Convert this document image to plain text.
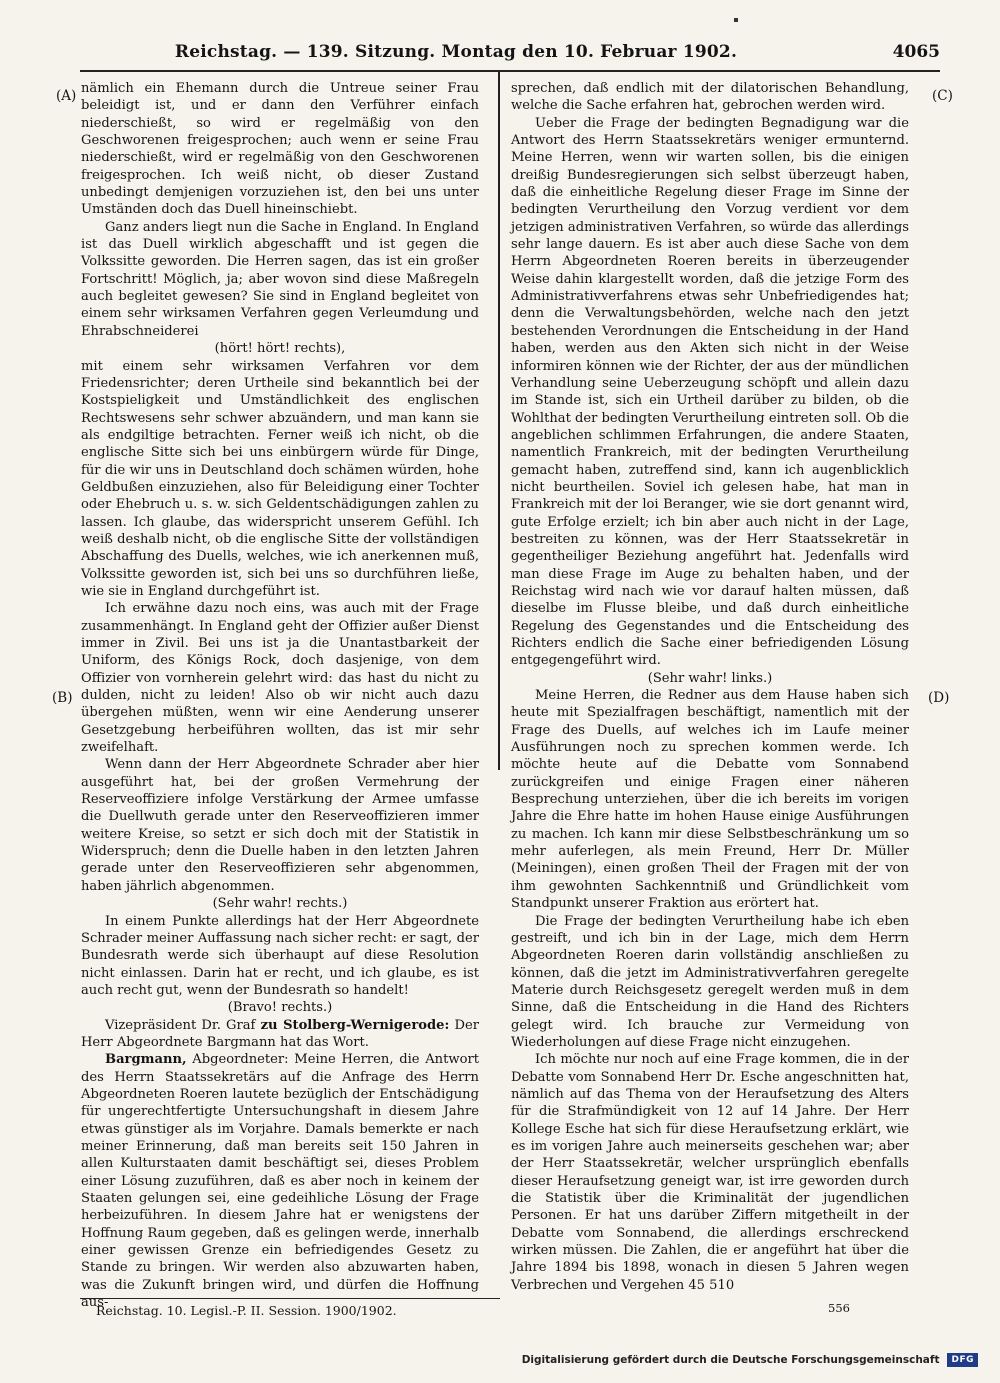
Reichstag. — 139. Sitzung. Montag den 10. Februar 1902.	4065
(A)
(B)
(C)
(D)

nämlich ein Ehemann durch die Untreue seiner Frau beleidigt ist, und er dann den Verführer einfach niederschießt, so wird er regelmäßig von den Geschworenen freigesprochen; auch wenn er seine Frau niederschießt, wird er regelmäßig von den Geschworenen freigesprochen. Ich weiß nicht, ob dieser Zustand unbedingt demjenigen vorzuziehen ist, den bei uns unter Umständen doch das Duell hineinschiebt.

Ganz anders liegt nun die Sache in England. In England ist das Duell wirklich abgeschafft und ist gegen die Volkssitte geworden. Die Herren sagen, das ist ein großer Fortschritt! Möglich, ja; aber wovon sind diese Maßregeln auch begleitet gewesen? Sie sind in England begleitet von einem sehr wirksamen Verfahren gegen Verleumdung und Ehrabschneiderei

(hört! hört! rechts),

mit einem sehr wirksamen Verfahren vor dem Friedensrichter; deren Urtheile sind bekanntlich bei der Kostspieligkeit und Umständlichkeit des englischen Rechtswesens sehr schwer abzuändern, und man kann sie als endgiltige betrachten. Ferner weiß ich nicht, ob die englische Sitte sich bei uns einbürgern würde für Dinge, für die wir uns in Deutschland doch schämen würden, hohe Geldbußen einzuziehen, also für Beleidigung einer Tochter oder Ehebruch u. s. w. sich Geldentschädigungen zahlen zu lassen. Ich glaube, das widerspricht unserem Gefühl. Ich weiß deshalb nicht, ob die englische Sitte der vollständigen Abschaffung des Duells, welches, wie ich anerkennen muß, Volkssitte geworden ist, sich bei uns so durchführen ließe, wie sie in England durchgeführt ist.

Ich erwähne dazu noch eins, was auch mit der Frage zusammenhängt. In England geht der Offizier außer Dienst immer in Zivil. Bei uns ist ja die Unantastbarkeit der Uniform, des Königs Rock, doch dasjenige, von dem Offizier von vornherein gelehrt wird: das hast du nicht zu dulden, nicht zu leiden! Also ob wir nicht auch dazu übergehen müßten, wenn wir eine Aenderung unserer Gesetzgebung herbeiführen wollten, das ist mir sehr zweifelhaft.

Wenn dann der Herr Abgeordnete Schrader aber hier ausgeführt hat, bei der großen Vermehrung der Reserveoffiziere infolge Verstärkung der Armee umfasse die Duellwuth gerade unter den Reserveoffizieren immer weitere Kreise, so setzt er sich doch mit der Statistik in Widerspruch; denn die Duelle haben in den letzten Jahren gerade unter den Reserveoffizieren sehr abgenommen, haben jährlich abgenommen.

(Sehr wahr! rechts.)

In einem Punkte allerdings hat der Herr Abgeordnete Schrader meiner Auffassung nach sicher recht: er sagt, der Bundesrath werde sich überhaupt auf diese Resolution nicht einlassen. Darin hat er recht, und ich glaube, es ist auch recht gut, wenn der Bundesrath so handelt!

(Bravo! rechts.)

Vizepräsident Dr. Graf zu Stolberg-Wernigerode: Der Herr Abgeordnete Bargmann hat das Wort.

Bargmann, Abgeordneter: Meine Herren, die Antwort des Herrn Staatssekretärs auf die Anfrage des Herrn Abgeordneten Roeren lautete bezüglich der Entschädigung für ungerechtfertigte Untersuchungshaft in diesem Jahre etwas günstiger als im Vorjahre. Damals bemerkte er nach meiner Erinnerung, daß man bereits seit 150 Jahren in allen Kulturstaaten damit beschäftigt sei, dieses Problem einer Lösung zuzuführen, daß es aber noch in keinem der Staaten gelungen sei, eine gedeihliche Lösung der Frage herbeizuführen. In diesem Jahre hat er wenigstens der Hoffnung Raum gegeben, daß es gelingen werde, innerhalb einer gewissen Grenze ein befriedigendes Gesetz zu Stande zu bringen. Wir werden also abzuwarten haben, was die Zukunft bringen wird, und dürfen die Hoffnung aus-

sprechen, daß endlich mit der dilatorischen Behandlung, welche die Sache erfahren hat, gebrochen werden wird.

Ueber die Frage der bedingten Begnadigung war die Antwort des Herrn Staatssekretärs weniger ermunternd. Meine Herren, wenn wir warten sollen, bis die einigen dreißig Bundesregierungen sich selbst überzeugt haben, daß die einheitliche Regelung dieser Frage im Sinne der bedingten Verurtheilung den Vorzug verdient vor dem jetzigen administrativen Verfahren, so würde das allerdings sehr lange dauern. Es ist aber auch diese Sache von dem Herrn Abgeordneten Roeren bereits in überzeugender Weise dahin klargestellt worden, daß die jetzige Form des Administrativverfahrens etwas sehr Unbefriedigendes hat; denn die Verwaltungsbehörden, welche nach den jetzt bestehenden Verordnungen die Entscheidung in der Hand haben, werden aus den Akten sich nicht in der Weise informiren können wie der Richter, der aus der mündlichen Verhandlung seine Ueberzeugung schöpft und allein dazu im Stande ist, sich ein Urtheil darüber zu bilden, ob die Wohlthat der bedingten Verurtheilung eintreten soll. Ob die angeblichen schlimmen Erfahrungen, die andere Staaten, namentlich Frankreich, mit der bedingten Verurtheilung gemacht haben, zutreffend sind, kann ich augenblicklich nicht beurtheilen. Soviel ich gelesen habe, hat man in Frankreich mit der loi Beranger, wie sie dort genannt wird, gute Erfolge erzielt; ich bin aber auch nicht in der Lage, bestreiten zu können, was der Herr Staatssekretär in gegentheiliger Beziehung angeführt hat. Jedenfalls wird man diese Frage im Auge zu behalten haben, und der Reichstag wird nach wie vor darauf halten müssen, daß dieselbe im Flusse bleibe, und daß durch einheitliche Regelung des Gegenstandes und die Entscheidung des Richters endlich die Sache einer befriedigenden Lösung entgegengeführt wird.

(Sehr wahr! links.)

Meine Herren, die Redner aus dem Hause haben sich heute mit Spezialfragen beschäftigt, namentlich mit der Frage des Duells, auf welches ich im Laufe meiner Ausführungen noch zu sprechen kommen werde. Ich möchte heute auf die Debatte vom Sonnabend zurückgreifen und einige Fragen einer näheren Besprechung unterziehen, über die ich bereits im vorigen Jahre die Ehre hatte im hohen Hause einige Ausführungen zu machen. Ich kann mir diese Selbstbeschränkung um so mehr auferlegen, als mein Freund, Herr Dr. Müller (Meiningen), einen großen Theil der Fragen mit der von ihm gewohnten Sachkenntniß und Gründlichkeit vom Standpunkt unserer Fraktion aus erörtert hat.

Die Frage der bedingten Verurtheilung habe ich eben gestreift, und ich bin in der Lage, mich dem Herrn Abgeordneten Roeren darin vollständig anschließen zu können, daß die jetzt im Administrativverfahren geregelte Materie durch Reichsgesetz geregelt werden muß in dem Sinne, daß die Entscheidung in die Hand des Richters gelegt wird. Ich brauche zur Vermeidung von Wiederholungen auf diese Frage nicht einzugehen.

Ich möchte nur noch auf eine Frage kommen, die in der Debatte vom Sonnabend Herr Dr. Esche angeschnitten hat, nämlich auf das Thema von der Heraufsetzung des Alters für die Strafmündigkeit von 12 auf 14 Jahre. Der Herr Kollege Esche hat sich für diese Heraufsetzung erklärt, wie es im vorigen Jahre auch meinerseits geschehen war; aber der Herr Staatssekretär, welcher ursprünglich ebenfalls dieser Heraufsetzung geneigt war, ist irre geworden durch die Statistik über die Kriminalität der jugendlichen Personen. Er hat uns darüber Ziffern mitgetheilt in der Debatte vom Sonnabend, die allerdings erschreckend wirken müssen. Die Zahlen, die er angeführt hat über die Jahre 1894 bis 1898, wonach in diesen 5 Jahren wegen Verbrechen und Vergehen 45 510

Reichstag. 10. Legisl.-P. II. Session. 1900/1902.	556
Digitalisierung gefördert durch die Deutsche Forschungsgemeinschaft	DFG
